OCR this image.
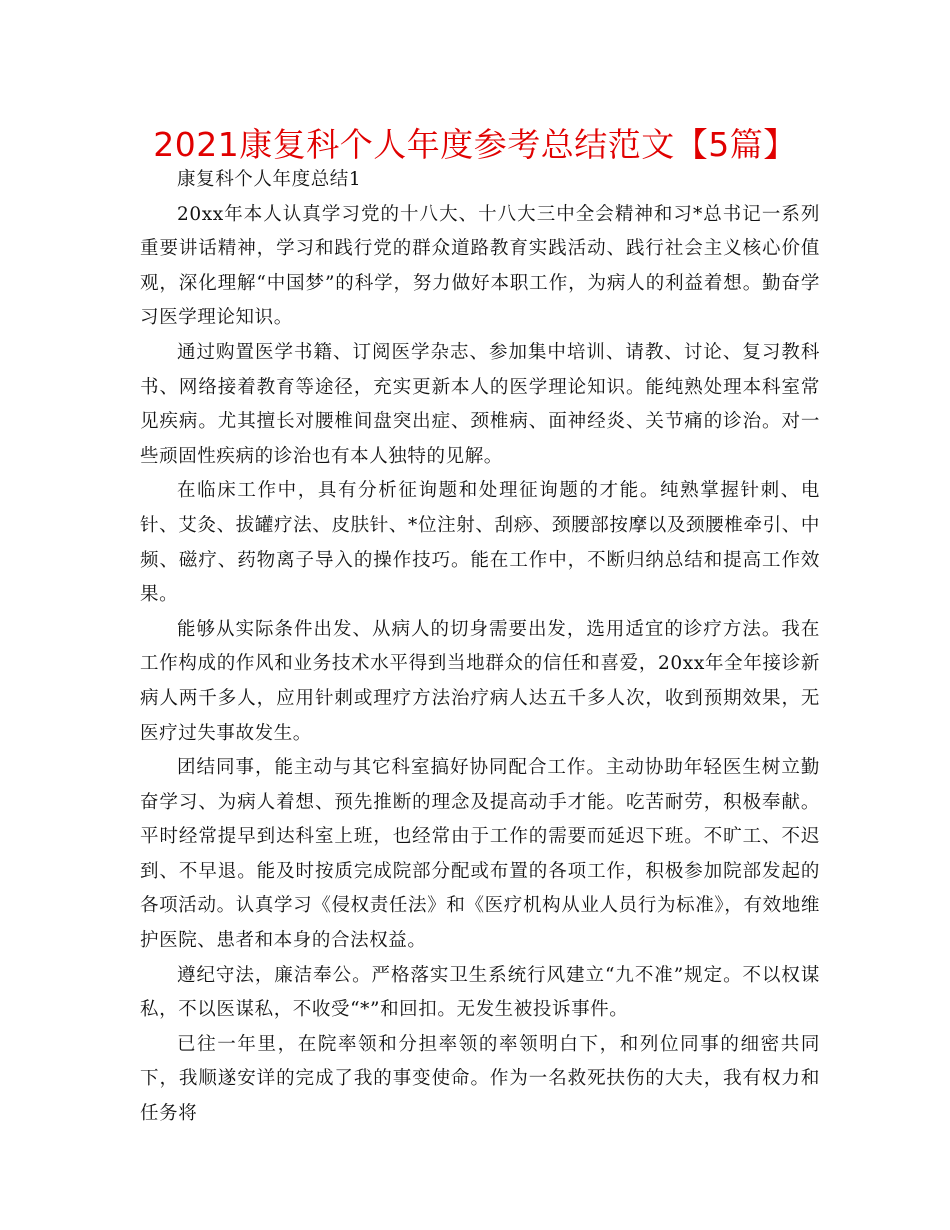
2021康复科个人年度参考总结范文【5篇】

康复科个人年度总结1

20xx年本人认真学习党的十八大、十八大三中全会精神和习*总书记一系列重要讲话精神，学习和践行党的群众道路教育实践活动、践行社会主义核心价值观，深化理解“中国梦”的科学，努力做好本职工作，为病人的利益着想。勤奋学习医学理论知识。

通过购置医学书籍、订阅医学杂志、参加集中培训、请教、讨论、复习教科书、网络接着教育等途径，充实更新本人的医学理论知识。能纯熟处理本科室常见疾病。尤其擅长对腰椎间盘突出症、颈椎病、面神经炎、关节痛的诊治。对一些顽固性疾病的诊治也有本人独特的见解。

在临床工作中，具有分析征询题和处理征询题的才能。纯熟掌握针刺、电针、艾灸、拔罐疗法、皮肤针、*位注射、刮痧、颈腰部按摩以及颈腰椎牵引、中频、磁疗、药物离子导入的操作技巧。能在工作中，不断归纳总结和提高工作效果。

能够从实际条件出发、从病人的切身需要出发，选用适宜的诊疗方法。我在工作构成的作风和业务技术水平得到当地群众的信任和喜爱，20xx年全年接诊新病人两千多人，应用针刺或理疗方法治疗病人达五千多人次，收到预期效果，无医疗过失事故发生。

团结同事，能主动与其它科室搞好协同配合工作。主动协助年轻医生树立勤奋学习、为病人着想、预先推断的理念及提高动手才能。吃苦耐劳，积极奉献。平时经常提早到达科室上班，也经常由于工作的需要而延迟下班。不旷工、不迟到、不早退。能及时按质完成院部分配或布置的各项工作，积极参加院部发起的各项活动。认真学习《侵权责任法》和《医疗机构从业人员行为标准》，有效地维护医院、患者和本身的合法权益。

遵纪守法，廉洁奉公。严格落实卫生系统行风建立“九不准”规定。不以权谋私，不以医谋私，不收受“*”和回扣。无发生被投诉事件。

已往一年里，在院率领和分担率领的率领明白下，和列位同事的细密共同下，我顺遂安详的完成了我的事变使命。作为一名救死扶伤的大夫，我有权力和任务将
